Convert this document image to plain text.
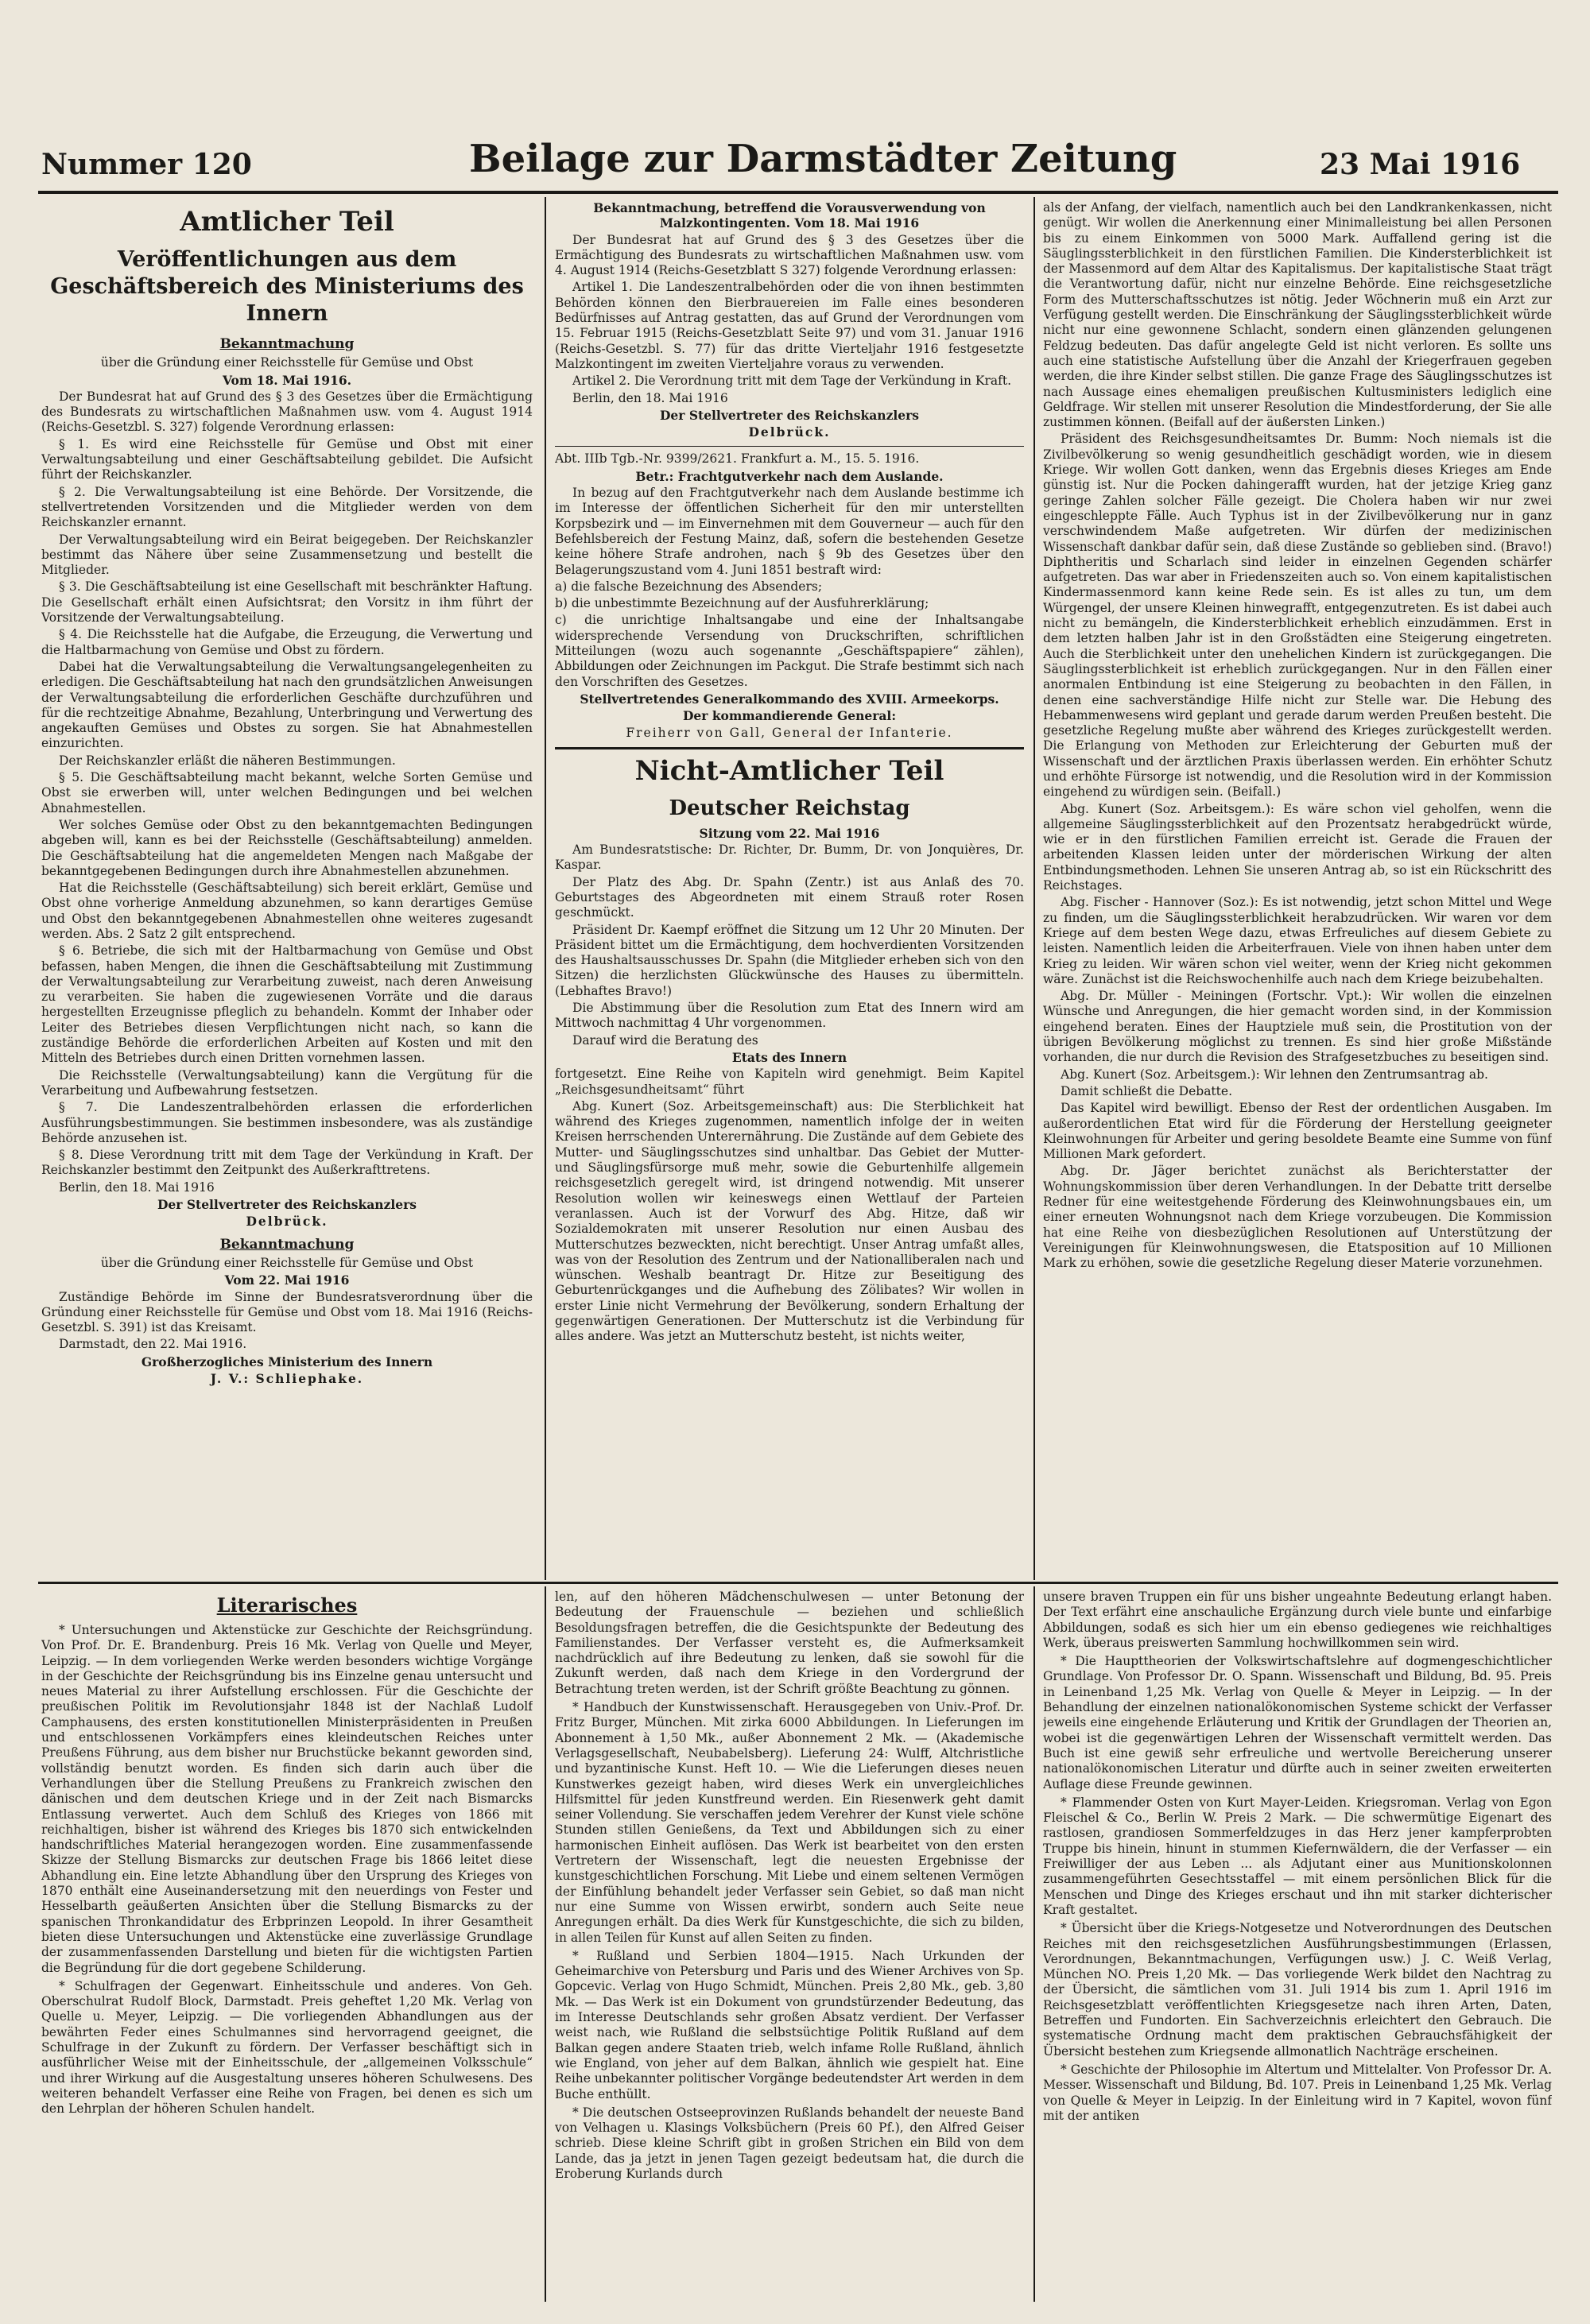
Nummer 120	Beilage zur Darmstädter Zeitung	23 Mai 1916
Amtlicher Teil
Veröffentlichungen aus dem Geschäftsbereich des Ministeriums des Innern
Bekanntmachung

über die Gründung einer Reichsstelle für Gemüse und Obst

Vom 18. Mai 1916.

Der Bundesrat hat auf Grund des § 3 des Gesetzes über die Ermächtigung des Bundesrats zu wirtschaftlichen Maßnahmen usw. vom 4. August 1914 (Reichs-Gesetzbl. S. 327) folgende Verordnung erlassen:

§ 1. Es wird eine Reichsstelle für Gemüse und Obst mit einer Verwaltungsabteilung und einer Geschäftsabteilung gebildet. Die Aufsicht führt der Reichskanzler.

§ 2. Die Verwaltungsabteilung ist eine Behörde. Der Vorsitzende, die stellvertretenden Vorsitzenden und die Mitglieder werden von dem Reichskanzler ernannt.

Der Verwaltungsabteilung wird ein Beirat beigegeben. Der Reichskanzler bestimmt das Nähere über seine Zusammensetzung und bestellt die Mitglieder.

§ 3. Die Geschäftsabteilung ist eine Gesellschaft mit beschränkter Haftung. Die Gesellschaft erhält einen Aufsichtsrat; den Vorsitz in ihm führt der Vorsitzende der Verwaltungsabteilung.

§ 4. Die Reichsstelle hat die Aufgabe, die Erzeugung, die Verwertung und die Haltbarmachung von Gemüse und Obst zu fördern.

Dabei hat die Verwaltungsabteilung die Verwaltungsangelegenheiten zu erledigen. Die Geschäftsabteilung hat nach den grundsätzlichen Anweisungen der Verwaltungsabteilung die erforderlichen Geschäfte durchzuführen und für die rechtzeitige Abnahme, Bezahlung, Unterbringung und Verwertung des angekauften Gemüses und Obstes zu sorgen. Sie hat Abnahmestellen einzurichten.

Der Reichskanzler erläßt die näheren Bestimmungen.

§ 5. Die Geschäftsabteilung macht bekannt, welche Sorten Gemüse und Obst sie erwerben will, unter welchen Bedingungen und bei welchen Abnahmestellen.

Wer solches Gemüse oder Obst zu den bekanntgemachten Bedingungen abgeben will, kann es bei der Reichsstelle (Geschäftsabteilung) anmelden. Die Geschäftsabteilung hat die angemeldeten Mengen nach Maßgabe der bekanntgegebenen Bedingungen durch ihre Abnahmestellen abzunehmen.

Hat die Reichsstelle (Geschäftsabteilung) sich bereit erklärt, Gemüse und Obst ohne vorherige Anmeldung abzunehmen, so kann derartiges Gemüse und Obst den bekanntgegebenen Abnahmestellen ohne weiteres zugesandt werden. Abs. 2 Satz 2 gilt entsprechend.

§ 6. Betriebe, die sich mit der Haltbarmachung von Gemüse und Obst befassen, haben Mengen, die ihnen die Geschäftsabteilung mit Zustimmung der Verwaltungsabteilung zur Verarbeitung zuweist, nach deren Anweisung zu verarbeiten. Sie haben die zugewiesenen Vorräte und die daraus hergestellten Erzeugnisse pfleglich zu behandeln. Kommt der Inhaber oder Leiter des Betriebes diesen Verpflichtungen nicht nach, so kann die zuständige Behörde die erforderlichen Arbeiten auf Kosten und mit den Mitteln des Betriebes durch einen Dritten vornehmen lassen.

Die Reichsstelle (Verwaltungsabteilung) kann die Vergütung für die Verarbeitung und Aufbewahrung festsetzen.

§ 7. Die Landeszentralbehörden erlassen die erforderlichen Ausführungsbestimmungen. Sie bestimmen insbesondere, was als zuständige Behörde anzusehen ist.

§ 8. Diese Verordnung tritt mit dem Tage der Verkündung in Kraft. Der Reichskanzler bestimmt den Zeitpunkt des Außerkrafttretens.

Berlin, den 18. Mai 1916

Der Stellvertreter des Reichskanzlers

Delbrück.

Bekanntmachung

über die Gründung einer Reichsstelle für Gemüse und Obst

Vom 22. Mai 1916

Zuständige Behörde im Sinne der Bundesratsverordnung über die Gründung einer Reichsstelle für Gemüse und Obst vom 18. Mai 1916 (Reichs-Gesetzbl. S. 391) ist das Kreisamt.

Darmstadt, den 22. Mai 1916.

Großherzogliches Ministerium des Innern

J. V.: Schliephake.

Bekanntmachung, betreffend die Vorausverwendung von Malzkontingenten. Vom 18. Mai 1916

Der Bundesrat hat auf Grund des § 3 des Gesetzes über die Ermächtigung des Bundesrats zu wirtschaftlichen Maßnahmen usw. vom 4. August 1914 (Reichs-Gesetzblatt S 327) folgende Verordnung erlassen:

Artikel 1. Die Landeszentralbehörden oder die von ihnen bestimmten Behörden können den Bierbrauereien im Falle eines besonderen Bedürfnisses auf Antrag gestatten, das auf Grund der Verordnungen vom 15. Februar 1915 (Reichs-Gesetzblatt Seite 97) und vom 31. Januar 1916 (Reichs-Gesetzbl. S. 77) für das dritte Vierteljahr 1916 festgesetzte Malzkontingent im zweiten Vierteljahre voraus zu verwenden.

Artikel 2. Die Verordnung tritt mit dem Tage der Verkündung in Kraft.

Berlin, den 18. Mai 1916

Der Stellvertreter des Reichskanzlers

Delbrück.

Abt. IIIb Tgb.-Nr. 9399/2621. Frankfurt a. M., 15. 5. 1916.

Betr.: Frachtgutverkehr nach dem Auslande.

In bezug auf den Frachtgutverkehr nach dem Auslande bestimme ich im Interesse der öffentlichen Sicherheit für den mir unterstellten Korpsbezirk und — im Einvernehmen mit dem Gouverneur — auch für den Befehlsbereich der Festung Mainz, daß, sofern die bestehenden Gesetze keine höhere Strafe androhen, nach § 9b des Gesetzes über den Belagerungszustand vom 4. Juni 1851 bestraft wird:

a) die falsche Bezeichnung des Absenders;

b) die unbestimmte Bezeichnung auf der Ausfuhrerklärung;

c) die unrichtige Inhaltsangabe und eine der Inhaltsangabe widersprechende Versendung von Druckschriften, schriftlichen Mitteilungen (wozu auch sogenannte „Geschäftspapiere“ zählen), Abbildungen oder Zeichnungen im Packgut. Die Strafe bestimmt sich nach den Vorschriften des Gesetzes.

Stellvertretendes Generalkommando des XVIII. Armeekorps.

Der kommandierende General:

Freiherr von Gall, General der Infanterie.

Nicht-Amtlicher Teil
Deutscher Reichstag

Sitzung vom 22. Mai 1916

Am Bundesratstische: Dr. Richter, Dr. Bumm, Dr. von Jonquières, Dr. Kaspar.

Der Platz des Abg. Dr. Spahn (Zentr.) ist aus Anlaß des 70. Geburtstages des Abgeordneten mit einem Strauß roter Rosen geschmückt.

Präsident Dr. Kaempf eröffnet die Sitzung um 12 Uhr 20 Minuten. Der Präsident bittet um die Ermächtigung, dem hochverdienten Vorsitzenden des Haushaltsausschusses Dr. Spahn (die Mitglieder erheben sich von den Sitzen) die herzlichsten Glückwünsche des Hauses zu übermitteln. (Lebhaftes Bravo!)

Die Abstimmung über die Resolution zum Etat des Innern wird am Mittwoch nachmittag 4 Uhr vorgenommen.

Darauf wird die Beratung des

Etats des Innern

fortgesetzt. Eine Reihe von Kapiteln wird genehmigt. Beim Kapitel „Reichsgesundheitsamt“ führt

Abg. Kunert (Soz. Arbeitsgemeinschaft) aus: Die Sterblichkeit hat während des Krieges zugenommen, namentlich infolge der in weiten Kreisen herrschenden Unterernährung. Die Zustände auf dem Gebiete des Mutter- und Säuglingsschutzes sind unhaltbar. Das Gebiet der Mutter- und Säuglingsfürsorge muß mehr, sowie die Geburtenhilfe allgemein reichsgesetzlich geregelt wird, ist dringend notwendig. Mit unserer Resolution wollen wir keineswegs einen Wettlauf der Parteien veranlassen. Auch ist der Vorwurf des Abg. Hitze, daß wir Sozialdemokraten mit unserer Resolution nur einen Ausbau des Mutterschutzes bezweckten, nicht berechtigt. Unser Antrag umfaßt alles, was von der Resolution des Zentrum und der Nationalliberalen nach und wünschen. Weshalb beantragt Dr. Hitze zur Beseitigung des Geburtenrückganges und die Aufhebung des Zölibates? Wir wollen in erster Linie nicht Vermehrung der Bevölkerung, sondern Erhaltung der gegenwärtigen Generationen. Der Mutterschutz ist die Verbindung für alles andere. Was jetzt an Mutterschutz besteht, ist nichts weiter,

als der Anfang, der vielfach, namentlich auch bei den Landkrankenkassen, nicht genügt. Wir wollen die Anerkennung einer Minimalleistung bei allen Personen bis zu einem Einkommen von 5000 Mark. Auffallend gering ist die Säuglingssterblichkeit in den fürstlichen Familien. Die Kindersterblichkeit ist der Massenmord auf dem Altar des Kapitalismus. Der kapitalistische Staat trägt die Verantwortung dafür, nicht nur einzelne Behörde. Eine reichsgesetzliche Form des Mutterschaftsschutzes ist nötig. Jeder Wöchnerin muß ein Arzt zur Verfügung gestellt werden. Die Einschränkung der Säuglingssterblichkeit würde nicht nur eine gewonnene Schlacht, sondern einen glänzenden gelungenen Feldzug bedeuten. Das dafür angelegte Geld ist nicht verloren. Es sollte uns auch eine statistische Aufstellung über die Anzahl der Kriegerfrauen gegeben werden, die ihre Kinder selbst stillen. Die ganze Frage des Säuglingsschutzes ist nach Aussage eines ehemaligen preußischen Kultusministers lediglich eine Geldfrage. Wir stellen mit unserer Resolution die Mindestforderung, der Sie alle zustimmen können. (Beifall auf der äußersten Linken.)

Präsident des Reichsgesundheitsamtes Dr. Bumm: Noch niemals ist die Zivilbevölkerung so wenig gesundheitlich geschädigt worden, wie in diesem Kriege. Wir wollen Gott danken, wenn das Ergebnis dieses Krieges am Ende günstig ist. Nur die Pocken dahingerafft wurden, hat der jetzige Krieg ganz geringe Zahlen solcher Fälle gezeigt. Die Cholera haben wir nur zwei eingeschleppte Fälle. Auch Typhus ist in der Zivilbevölkerung nur in ganz verschwindendem Maße aufgetreten. Wir dürfen der medizinischen Wissenschaft dankbar dafür sein, daß diese Zustände so geblieben sind. (Bravo!) Diphtheritis und Scharlach sind leider in einzelnen Gegenden schärfer aufgetreten. Das war aber in Friedenszeiten auch so. Von einem kapitalistischen Kindermassenmord kann keine Rede sein. Es ist alles zu tun, um dem Würgengel, der unsere Kleinen hinwegrafft, entgegenzutreten. Es ist dabei auch nicht zu bemängeln, die Kindersterblichkeit erheblich einzudämmen. Erst in dem letzten halben Jahr ist in den Großstädten eine Steigerung eingetreten. Auch die Sterblichkeit unter den unehelichen Kindern ist zurückgegangen. Die Säuglingssterblichkeit ist erheblich zurückgegangen. Nur in den Fällen einer anormalen Entbindung ist eine Steigerung zu beobachten in den Fällen, in denen eine sachverständige Hilfe nicht zur Stelle war. Die Hebung des Hebammenwesens wird geplant und gerade darum werden Preußen besteht. Die gesetzliche Regelung mußte aber während des Krieges zurückgestellt werden. Die Erlangung von Methoden zur Erleichterung der Geburten muß der Wissenschaft und der ärztlichen Praxis überlassen werden. Ein erhöhter Schutz und erhöhte Fürsorge ist notwendig, und die Resolution wird in der Kommission eingehend zu würdigen sein. (Beifall.)

Abg. Kunert (Soz. Arbeitsgem.): Es wäre schon viel geholfen, wenn die allgemeine Säuglingssterblichkeit auf den Prozentsatz herabgedrückt würde, wie er in den fürstlichen Familien erreicht ist. Gerade die Frauen der arbeitenden Klassen leiden unter der mörderischen Wirkung der alten Entbindungsmethoden. Lehnen Sie unseren Antrag ab, so ist ein Rückschritt des Reichstages.

Abg. Fischer - Hannover (Soz.): Es ist notwendig, jetzt schon Mittel und Wege zu finden, um die Säuglingssterblichkeit herabzudrücken. Wir waren vor dem Kriege auf dem besten Wege dazu, etwas Erfreuliches auf diesem Gebiete zu leisten. Namentlich leiden die Arbeiterfrauen. Viele von ihnen haben unter dem Krieg zu leiden. Wir wären schon viel weiter, wenn der Krieg nicht gekommen wäre. Zunächst ist die Reichswochenhilfe auch nach dem Kriege beizubehalten.

Abg. Dr. Müller - Meiningen (Fortschr. Vpt.): Wir wollen die einzelnen Wünsche und Anregungen, die hier gemacht worden sind, in der Kommission eingehend beraten. Eines der Hauptziele muß sein, die Prostitution von der übrigen Bevölkerung möglichst zu trennen. Es sind hier große Mißstände vorhanden, die nur durch die Revision des Strafgesetzbuches zu beseitigen sind.

Abg. Kunert (Soz. Arbeitsgem.): Wir lehnen den Zentrumsantrag ab.

Damit schließt die Debatte.

Das Kapitel wird bewilligt. Ebenso der Rest der ordentlichen Ausgaben. Im außerordentlichen Etat wird für die Förderung der Herstellung geeigneter Kleinwohnungen für Arbeiter und gering besoldete Beamte eine Summe von fünf Millionen Mark gefordert.

Abg. Dr. Jäger berichtet zunächst als Berichterstatter der Wohnungskommission über deren Verhandlungen. In der Debatte tritt derselbe Redner für eine weitestgehende Förderung des Kleinwohnungsbaues ein, um einer erneuten Wohnungsnot nach dem Kriege vorzubeugen. Die Kommission hat eine Reihe von diesbezüglichen Resolutionen auf Unterstützung der Vereinigungen für Kleinwohnungswesen, die Etatsposition auf 10 Millionen Mark zu erhöhen, sowie die gesetzliche Regelung dieser Materie vorzunehmen.

Literarisches

* Untersuchungen und Aktenstücke zur Geschichte der Reichsgründung. Von Prof. Dr. E. Brandenburg. Preis 16 Mk. Verlag von Quelle und Meyer, Leipzig. — In dem vorliegenden Werke werden besonders wichtige Vorgänge in der Geschichte der Reichsgründung bis ins Einzelne genau untersucht und neues Material zu ihrer Aufstellung erschlossen. Für die Geschichte der preußischen Politik im Revolutionsjahr 1848 ist der Nachlaß Ludolf Camphausens, des ersten konstitutionellen Ministerpräsidenten in Preußen und entschlossenen Vorkämpfers eines kleindeutschen Reiches unter Preußens Führung, aus dem bisher nur Bruchstücke bekannt geworden sind, vollständig benutzt worden. Es finden sich darin auch über die Verhandlungen über die Stellung Preußens zu Frankreich zwischen den dänischen und dem deutschen Kriege und in der Zeit nach Bismarcks Entlassung verwertet. Auch dem Schluß des Krieges von 1866 mit reichhaltigen, bisher ist während des Krieges bis 1870 sich entwickelnden handschriftliches Material herangezogen worden. Eine zusammenfassende Skizze der Stellung Bismarcks zur deutschen Frage bis 1866 leitet diese Abhandlung ein. Eine letzte Abhandlung über den Ursprung des Krieges von 1870 enthält eine Auseinandersetzung mit den neuerdings von Fester und Hesselbarth geäußerten Ansichten über die Stellung Bismarcks zu der spanischen Thronkandidatur des Erbprinzen Leopold. In ihrer Gesamtheit bieten diese Untersuchungen und Aktenstücke eine zuverlässige Grundlage der zusammenfassenden Darstellung und bieten für die wichtigsten Partien die Begründung für die dort gegebene Schilderung.

* Schulfragen der Gegenwart. Einheitsschule und anderes. Von Geh. Oberschulrat Rudolf Block, Darmstadt. Preis geheftet 1,20 Mk. Verlag von Quelle u. Meyer, Leipzig. — Die vorliegenden Abhandlungen aus der bewährten Feder eines Schulmannes sind hervorragend geeignet, die Schulfrage in der Zukunft zu fördern. Der Verfasser beschäftigt sich in ausführlicher Weise mit der Einheitsschule, der „allgemeinen Volksschule“ und ihrer Wirkung auf die Ausgestaltung unseres höheren Schulwesens. Des weiteren behandelt Verfasser eine Reihe von Fragen, bei denen es sich um den Lehrplan der höheren Schulen handelt.

len, auf den höheren Mädchenschulwesen — unter Betonung der Bedeutung der Frauenschule — beziehen und schließlich Besoldungsfragen betreffen, die die Gesichtspunkte der Bedeutung des Familienstandes. Der Verfasser versteht es, die Aufmerksamkeit nachdrücklich auf ihre Bedeutung zu lenken, daß sie sowohl für die Zukunft werden, daß nach dem Kriege in den Vordergrund der Betrachtung treten werden, ist der Schrift größte Beachtung zu gönnen.

* Handbuch der Kunstwissenschaft. Herausgegeben von Univ.-Prof. Dr. Fritz Burger, München. Mit zirka 6000 Abbildungen. In Lieferungen im Abonnement à 1,50 Mk., außer Abonnement 2 Mk. — (Akademische Verlagsgesellschaft, Neubabelsberg). Lieferung 24: Wulff, Altchristliche und byzantinische Kunst. Heft 10. — Wie die Lieferungen dieses neuen Kunstwerkes gezeigt haben, wird dieses Werk ein unvergleichliches Hilfsmittel für jeden Kunstfreund werden. Ein Riesenwerk geht damit seiner Vollendung. Sie verschaffen jedem Verehrer der Kunst viele schöne Stunden stillen Genießens, da Text und Abbildungen sich zu einer harmonischen Einheit auflösen. Das Werk ist bearbeitet von den ersten Vertretern der Wissenschaft, legt die neuesten Ergebnisse der kunstgeschichtlichen Forschung. Mit Liebe und einem seltenen Vermögen der Einfühlung behandelt jeder Verfasser sein Gebiet, so daß man nicht nur eine Summe von Wissen erwirbt, sondern auch Seite neue Anregungen erhält. Da dies Werk für Kunstgeschichte, die sich zu bilden, in allen Teilen für Kunst auf allen Seiten zu finden.

* Rußland und Serbien 1804—1915. Nach Urkunden der Geheimarchive von Petersburg und Paris und des Wiener Archives von Sp. Gopcevic. Verlag von Hugo Schmidt, München. Preis 2,80 Mk., geb. 3,80 Mk. — Das Werk ist ein Dokument von grundstürzender Bedeutung, das im Interesse Deutschlands sehr großen Absatz verdient. Der Verfasser weist nach, wie Rußland die selbstsüchtige Politik Rußland auf dem Balkan gegen andere Staaten trieb, welch infame Rolle Rußland, ähnlich wie England, von jeher auf dem Balkan, ähnlich wie gespielt hat. Eine Reihe unbekannter politischer Vorgänge bedeutendster Art werden in dem Buche enthüllt.

* Die deutschen Ostseeprovinzen Rußlands behandelt der neueste Band von Velhagen u. Klasings Volksbüchern (Preis 60 Pf.), den Alfred Geiser schrieb. Diese kleine Schrift gibt in großen Strichen ein Bild von dem Lande, das ja jetzt in jenen Tagen gezeigt bedeutsam hat, die durch die Eroberung Kurlands durch

unsere braven Truppen ein für uns bisher ungeahnte Bedeutung erlangt haben. Der Text erfährt eine anschauliche Ergänzung durch viele bunte und einfarbige Abbildungen, sodaß es sich hier um ein ebenso gediegenes wie reichhaltiges Werk, überaus preiswerten Sammlung hochwillkommen sein wird.

* Die Haupttheorien der Volkswirtschaftslehre auf dogmengeschichtlicher Grundlage. Von Professor Dr. O. Spann. Wissenschaft und Bildung, Bd. 95. Preis in Leinenband 1,25 Mk. Verlag von Quelle & Meyer in Leipzig. — In der Behandlung der einzelnen nationalökonomischen Systeme schickt der Verfasser jeweils eine eingehende Erläuterung und Kritik der Grundlagen der Theorien an, wobei ist die gegenwärtigen Lehren der Wissenschaft vermittelt werden. Das Buch ist eine gewiß sehr erfreuliche und wertvolle Bereicherung unserer nationalökonomischen Literatur und dürfte auch in seiner zweiten erweiterten Auflage diese Freunde gewinnen.

* Flammender Osten von Kurt Mayer-Leiden. Kriegsroman. Verlag von Egon Fleischel & Co., Berlin W. Preis 2 Mark. — Die schwermütige Eigenart des rastlosen, grandiosen Sommerfeldzuges in das Herz jener kampferprobten Truppe bis hinein, hinunt in stummen Kiefernwäldern, die der Verfasser — ein Freiwilliger der aus Leben ... als Adjutant einer aus Munitionskolonnen zusammengeführten Gesechtsstaffel — mit einem persönlichen Blick für die Menschen und Dinge des Krieges erschaut und ihn mit starker dichterischer Kraft gestaltet.

* Übersicht über die Kriegs-Notgesetze und Notverordnungen des Deutschen Reiches mit den reichsgesetzlichen Ausführungsbestimmungen (Erlassen, Verordnungen, Bekanntmachungen, Verfügungen usw.) J. C. Weiß Verlag, München NO. Preis 1,20 Mk. — Das vorliegende Werk bildet den Nachtrag zu der Übersicht, die sämtlichen vom 31. Juli 1914 bis zum 1. April 1916 im Reichsgesetzblatt veröffentlichten Kriegsgesetze nach ihren Arten, Daten, Betreffen und Fundorten. Ein Sachverzeichnis erleichtert den Gebrauch. Die systematische Ordnung macht dem praktischen Gebrauchsfähigkeit der Übersicht bestehen zum Kriegsende allmonatlich Nachträge erscheinen.

* Geschichte der Philosophie im Altertum und Mittelalter. Von Professor Dr. A. Messer. Wissenschaft und Bildung, Bd. 107. Preis in Leinenband 1,25 Mk. Verlag von Quelle & Meyer in Leipzig. In der Einleitung wird in 7 Kapitel, wovon fünf mit der antiken
